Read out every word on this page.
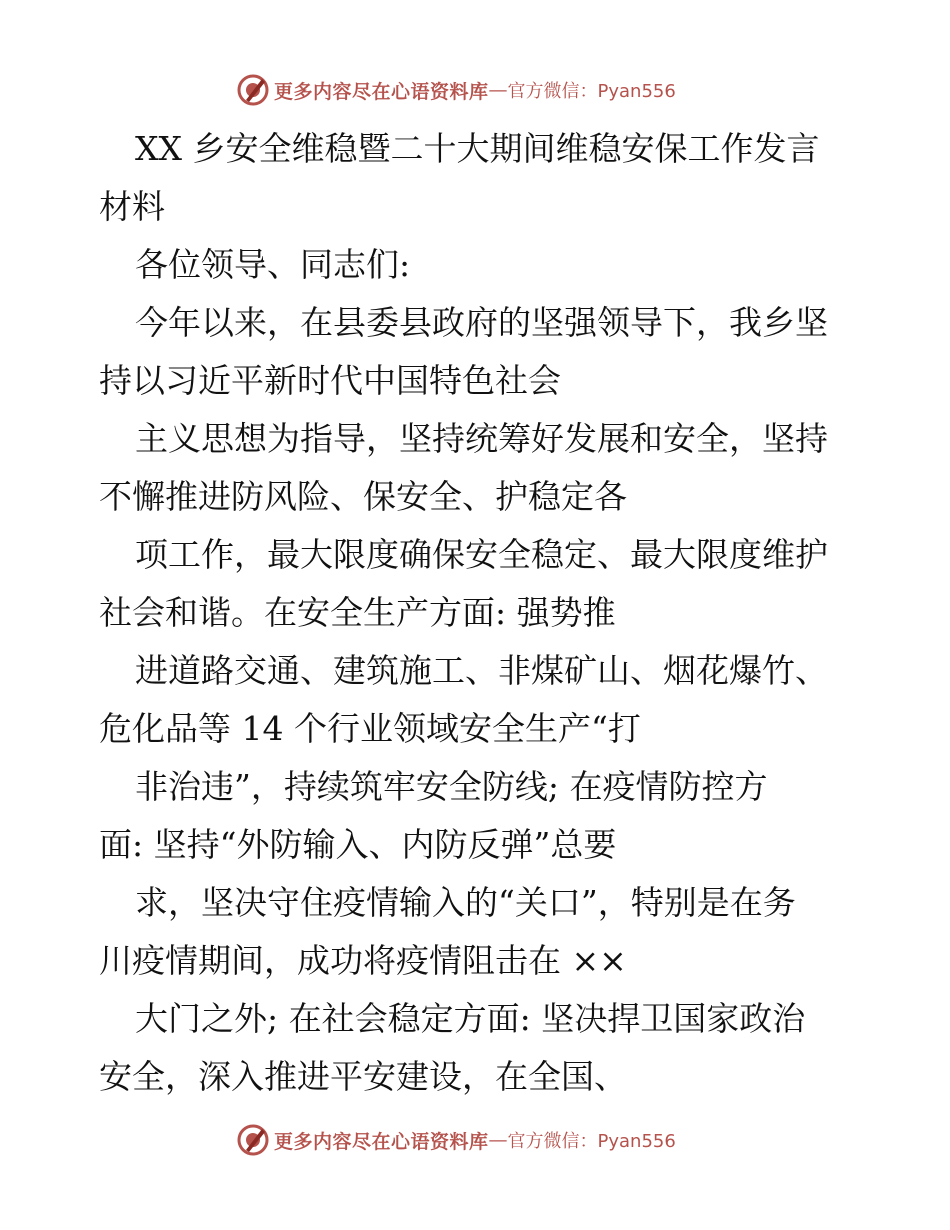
更多内容尽在心语资料库 — 官方微信：Pyan556
XX 乡安全维稳暨二十大期间维稳安保工作发言
材料
各位领导、同志们:
今年以来，在县委县政府的坚强领导下，我乡坚
持以习近平新时代中国特色社会
主义思想为指导，坚持统筹好发展和安全，坚持
不懈推进防风险、保安全、护稳定各
项工作，最大限度确保安全稳定、最大限度维护
社会和谐。在安全生产方面: 强势推
进道路交通、建筑施工、非煤矿山、烟花爆竹、
危化品等 14 个行业领域安全生产“打
非治违”，持续筑牢安全防线; 在疫情防控方
面: 坚持“外防输入、内防反弹”总要
求，坚决守住疫情输入的“关口”，特别是在务
川疫情期间，成功将疫情阻击在 ××
大门之外; 在社会稳定方面: 坚决捍卫国家政治
安全，深入推进平安建设，在全国、
更多内容尽在心语资料库 — 官方微信：Pyan556
